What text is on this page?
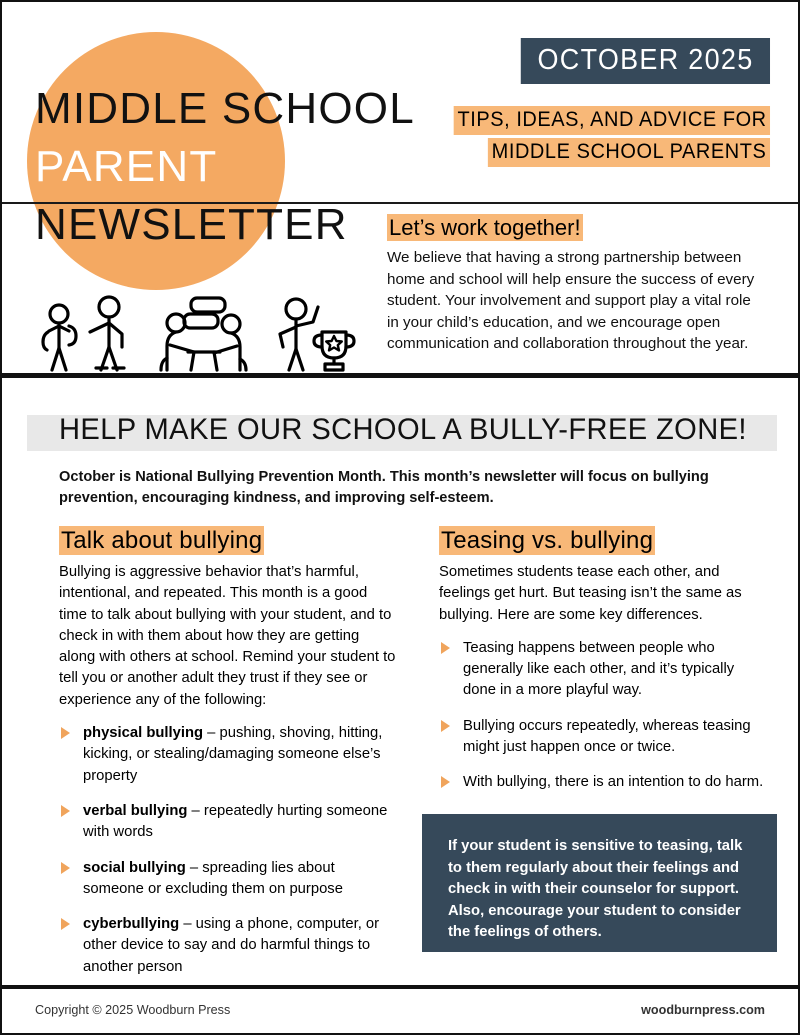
MIDDLE SCHOOL
PARENT
NEWSLETTER
OCTOBER 2025
TIPS, IDEAS, AND ADVICE FOR
MIDDLE SCHOOL PARENTS
Let’s work together!

We believe that having a strong partnership between home and school will help ensure the success of every student. Your involvement and support play a vital role in your child’s education, and we encourage open communication and collaboration throughout the year.

HELP MAKE OUR SCHOOL A BULLY-FREE ZONE!
October is National Bullying Prevention Month. This month’s newsletter will focus on bullying prevention, encouraging kindness, and improving self-esteem.
Talk about bullying

Bullying is aggressive behavior that’s harmful, intentional, and repeated. This month is a good time to talk about bullying with your student, and to check in with them about how they are getting along with others at school. Remind your student to tell you or another adult they trust if they see or experience any of the following:

physical bullying – pushing, shoving, hitting, kicking, or stealing/damaging someone else’s property
verbal bullying – repeatedly hurting someone with words
social bullying – spreading lies about someone or excluding them on purpose
cyberbullying – using a phone, computer, or other device to say and do harmful things to another person
Teasing vs. bullying

Sometimes students tease each other, and feelings get hurt. But teasing isn’t the same as bullying. Here are some key differences.

Teasing happens between people who generally like each other, and it’s typically done in a more playful way.
Bullying occurs repeatedly, whereas teasing might just happen once or twice.
With bullying, there is an intention to do harm.

If your student is sensitive to teasing, talk to them regularly about their feelings and check in with their counselor for support. Also, encourage your student to consider the feelings of others.

Copyright © 2025 Woodburn Press	woodburnpress.com
